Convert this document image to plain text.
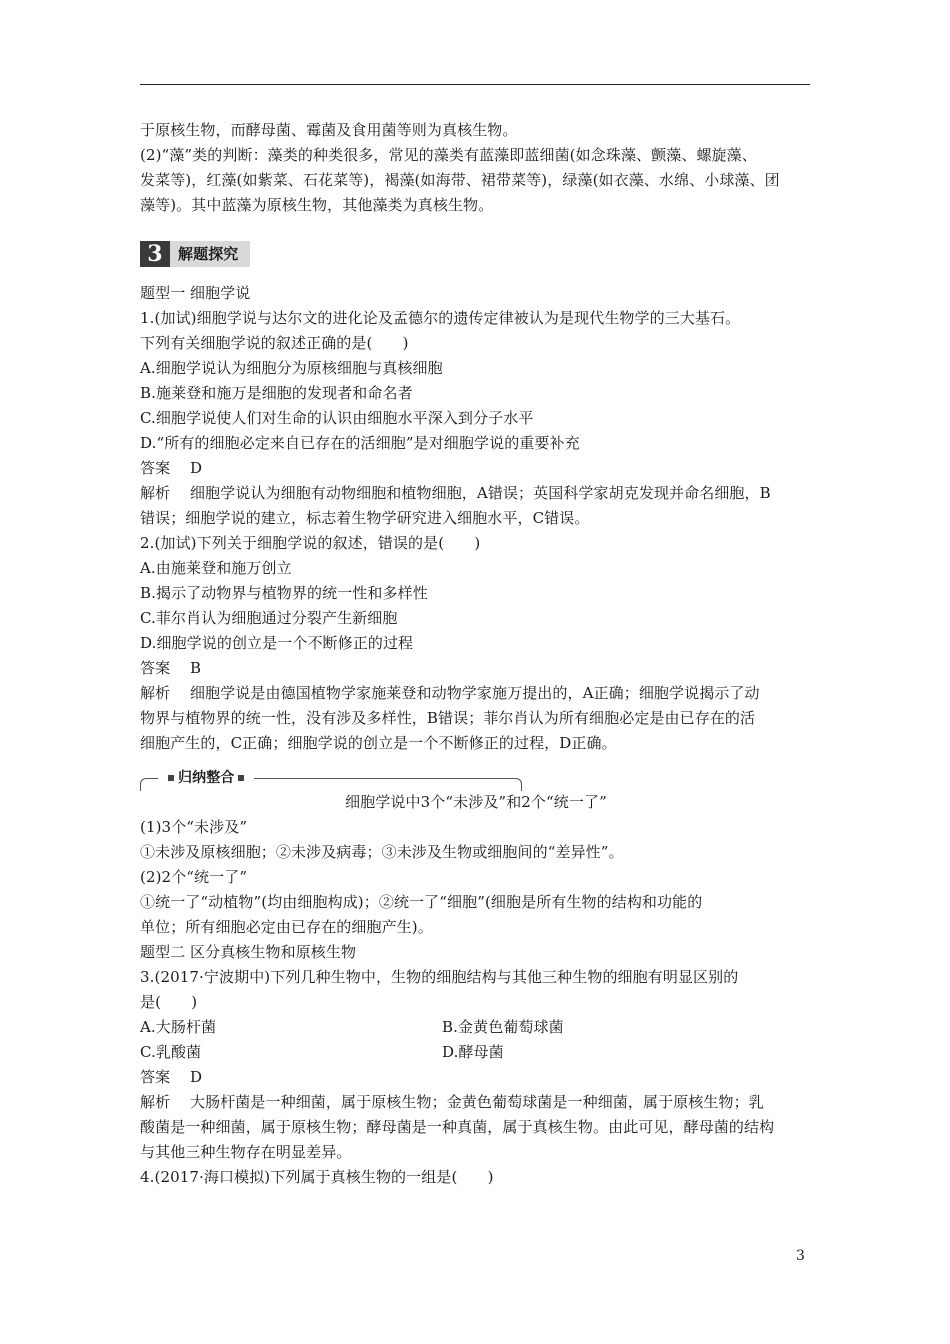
于原核生物，而酵母菌、霉菌及食用菌等则为真核生物。

(2)“藻”类的判断：藻类的种类很多，常见的藻类有蓝藻即蓝细菌(如念珠藻、颤藻、螺旋藻、

发菜等)，红藻(如紫菜、石花菜等)，褐藻(如海带、裙带菜等)，绿藻(如衣藻、水绵、小球藻、团

藻等)。其中蓝藻为原核生物，其他藻类为真核生物。

3	解题探究

题型一 细胞学说

1.(加试)细胞学说与达尔文的进化论及孟德尔的遗传定律被认为是现代生物学的三大基石。

下列有关细胞学说的叙述正确的是(　　)

A.细胞学说认为细胞分为原核细胞与真核细胞

B.施莱登和施万是细胞的发现者和命名者

C.细胞学说使人们对生命的认识由细胞水平深入到分子水平

D.“所有的细胞必定来自已存在的活细胞”是对细胞学说的重要补充

答案 D

解析 细胞学说认为细胞有动物细胞和植物细胞，A错误；英国科学家胡克发现并命名细胞，B

错误；细胞学说的建立，标志着生物学研究进入细胞水平，C错误。

2.(加试)下列关于细胞学说的叙述，错误的是(　　)

A.由施莱登和施万创立

B.揭示了动物界与植物界的统一性和多样性

C.菲尔肖认为细胞通过分裂产生新细胞

D.细胞学说的创立是一个不断修正的过程

答案 B

解析 细胞学说是由德国植物学家施莱登和动物学家施万提出的，A正确；细胞学说揭示了动

物界与植物界的统一性，没有涉及多样性，B错误；菲尔肖认为所有细胞必定是由已存在的活

细胞产生的，C正确；细胞学说的创立是一个不断修正的过程，D正确。

归纳整合

细胞学说中3个“未涉及”和2个“统一了”

(1)3个“未涉及”

①未涉及原核细胞；②未涉及病毒；③未涉及生物或细胞间的“差异性”。

(2)2个“统一了”

①统一了“动植物”(均由细胞构成)；②统一了“细胞”(细胞是所有生物的结构和功能的

单位；所有细胞必定由已存在的细胞产生)。

题型二 区分真核生物和原核生物

3.(2017·宁波期中)下列几种生物中，生物的细胞结构与其他三种生物的细胞有明显区别的

是(　　)

A.大肠杆菌	B.金黄色葡萄球菌

C.乳酸菌	D.酵母菌

答案 D

解析 大肠杆菌是一种细菌，属于原核生物；金黄色葡萄球菌是一种细菌，属于原核生物；乳

酸菌是一种细菌，属于原核生物；酵母菌是一种真菌，属于真核生物。由此可见，酵母菌的结构

与其他三种生物存在明显差异。

4.(2017·海口模拟)下列属于真核生物的一组是(　　)

3
